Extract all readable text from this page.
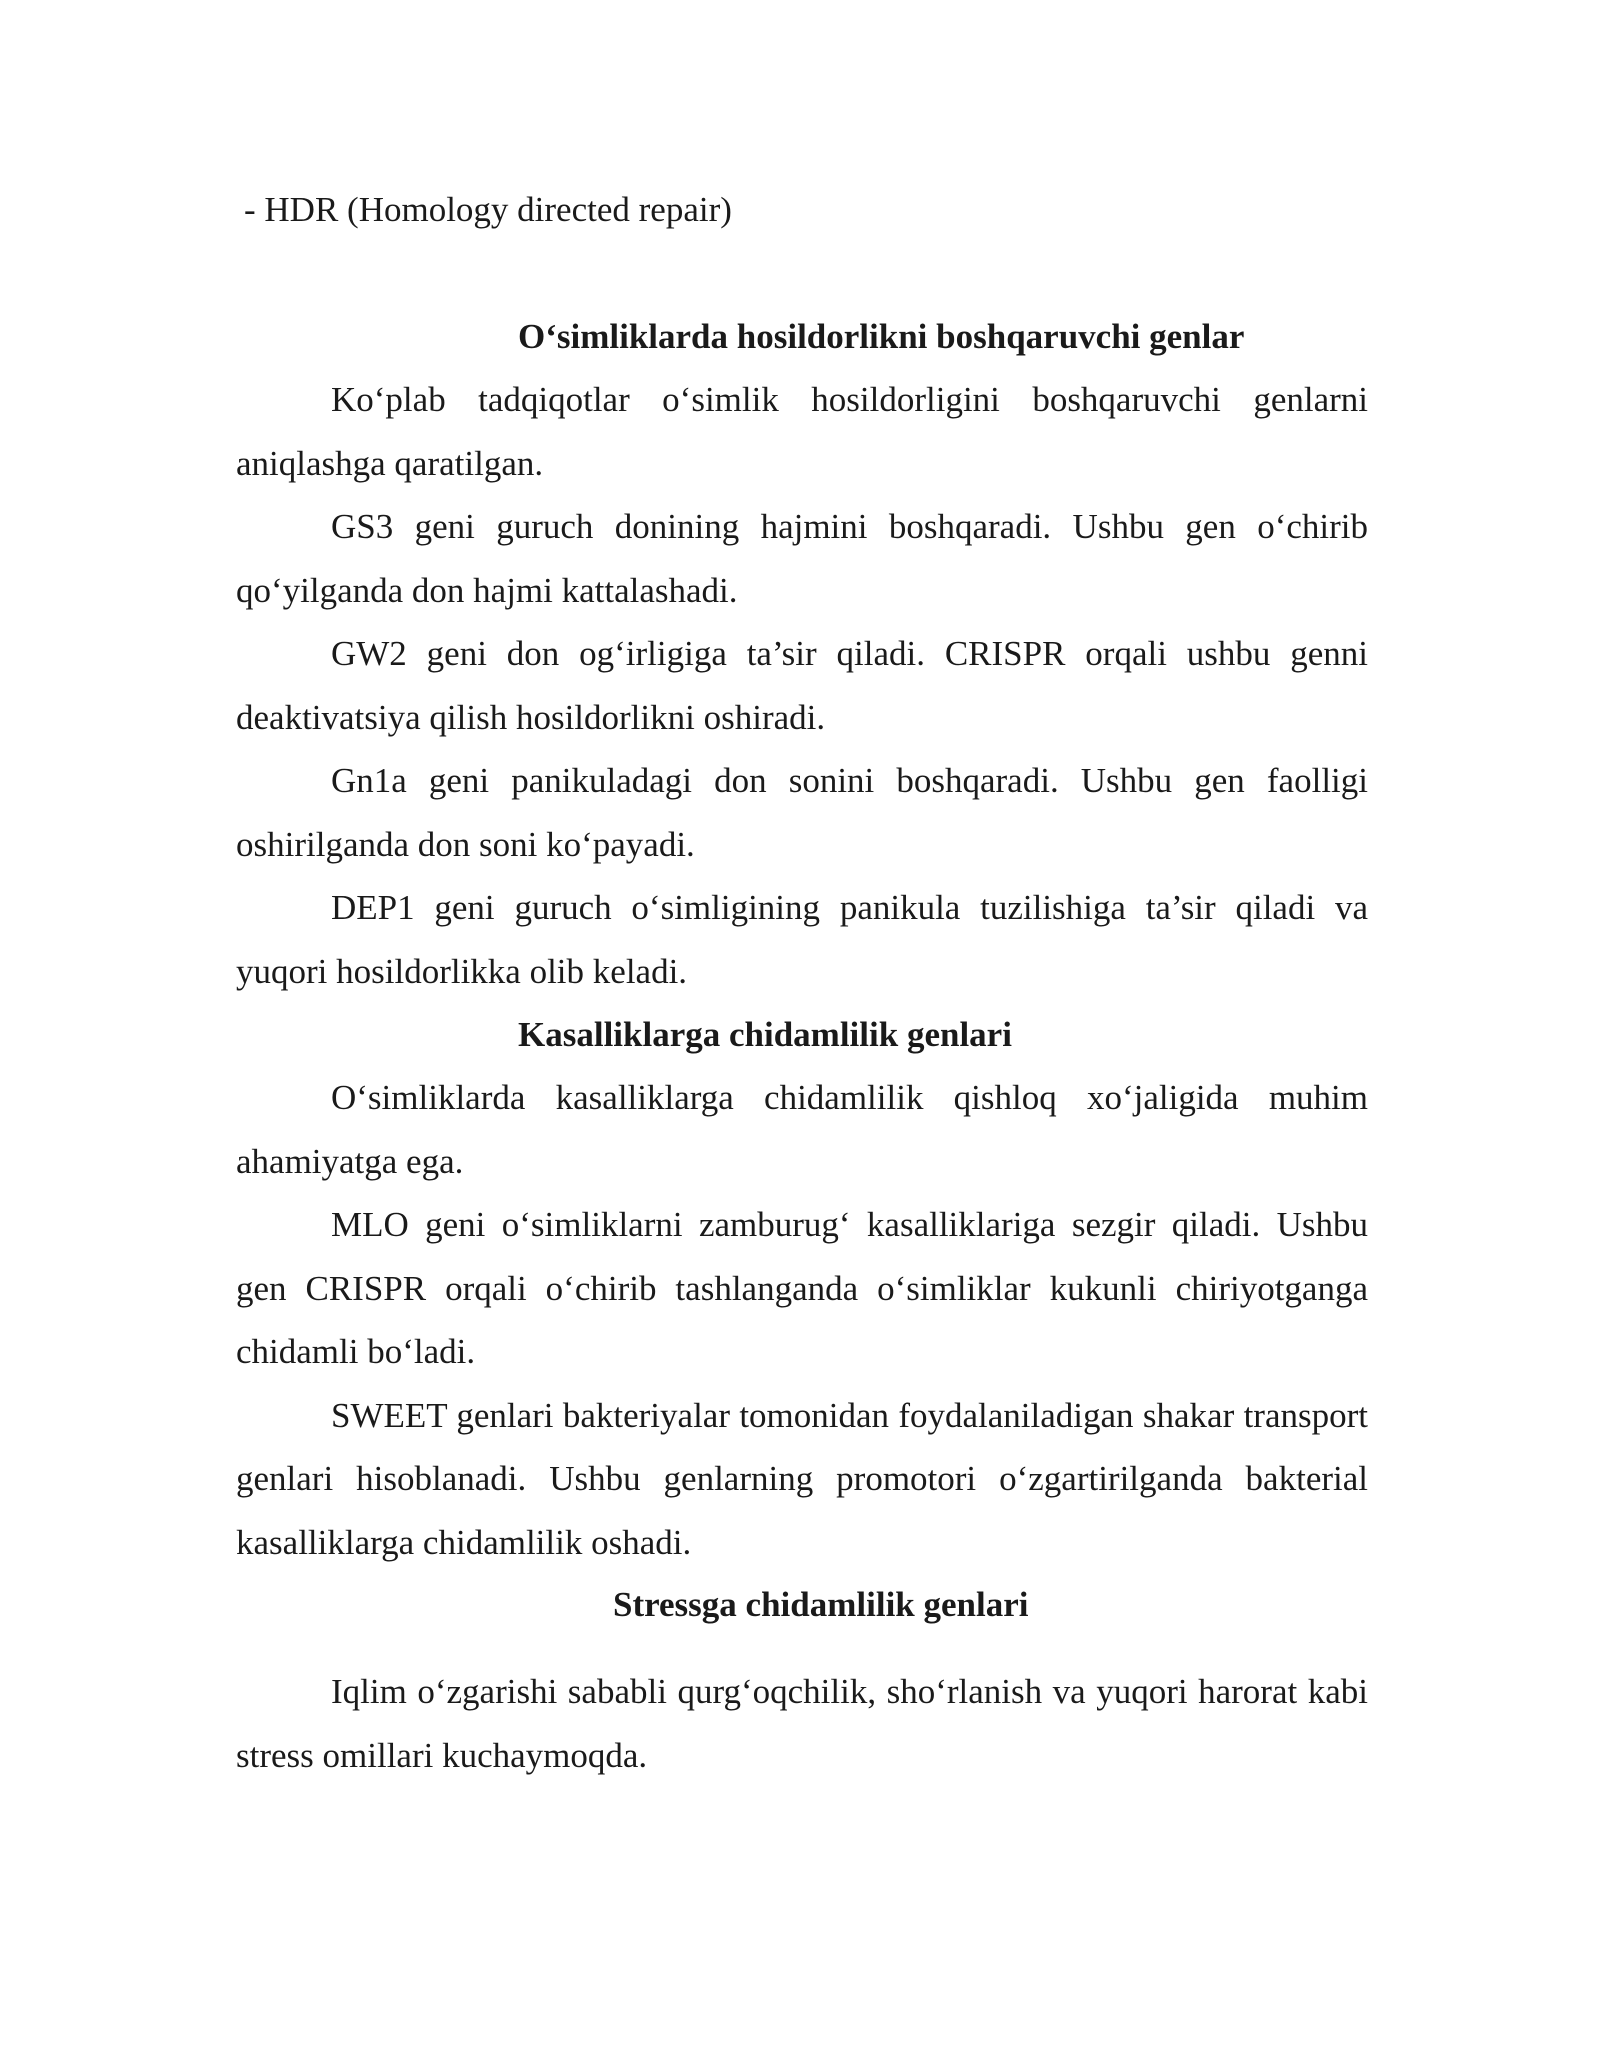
- HDR (Homology directed repair)
O‘simliklarda hosildorlikni boshqaruvchi genlar

Ko‘plab tadqiqotlar o‘simlik hosildorligini boshqaruvchi genlarni aniqlashga qaratilgan.

GS3 geni guruch donining hajmini boshqaradi. Ushbu gen o‘chirib qo‘yilganda don hajmi kattalashadi.

GW2 geni don og‘irligiga ta’sir qiladi. CRISPR orqali ushbu genni deaktivatsiya qilish hosildorlikni oshiradi.

Gn1a geni panikuladagi don sonini boshqaradi. Ushbu gen faolligi oshirilganda don soni ko‘payadi.

DEP1 geni guruch o‘simligining panikula tuzilishiga ta’sir qiladi va yuqori hosildorlikka olib keladi.

Kasalliklarga chidamlilik genlari

O‘simliklarda kasalliklarga chidamlilik qishloq xo‘jaligida muhim ahamiyatga ega.

MLO geni o‘simliklarni zamburug‘ kasalliklariga sezgir qiladi. Ushbu gen CRISPR orqali o‘chirib tashlanganda o‘simliklar kukunli chiriyotganga chidamli bo‘ladi.

SWEET genlari bakteriyalar tomonidan foydalaniladigan shakar transport genlari hisoblanadi. Ushbu genlarning promotori o‘zgartirilganda bakterial kasalliklarga chidamlilik oshadi.

Stressga chidamlilik genlari

Iqlim o‘zgarishi sababli qurg‘oqchilik, sho‘rlanish va yuqori harorat kabi stress omillari kuchaymoqda.
